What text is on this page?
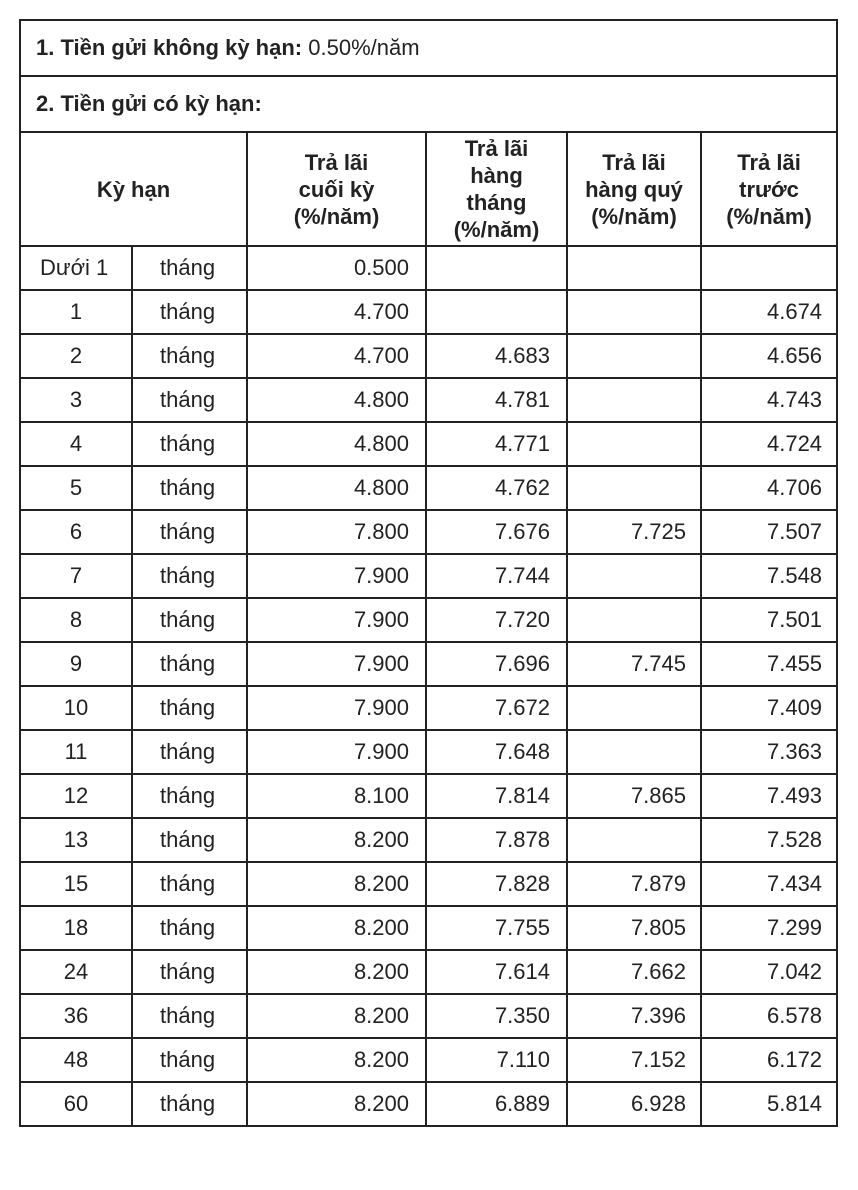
1. Tiền gửi không kỳ hạn: 0.50%/năm					
2. Tiền gửi có kỳ hạn:					
Kỳ hạn		Trả lãi
cuối kỳ
(%/năm)	Trả lãi
hàng
tháng
(%/năm)	Trả lãi
hàng quý
(%/năm)	Trả lãi
trước
(%/năm)

Dưới 1	tháng	0.500			
1	tháng	4.700			4.674
2	tháng	4.700	4.683		4.656
3	tháng	4.800	4.781		4.743
4	tháng	4.800	4.771		4.724
5	tháng	4.800	4.762		4.706
6	tháng	7.800	7.676	7.725	7.507
7	tháng	7.900	7.744		7.548
8	tháng	7.900	7.720		7.501
9	tháng	7.900	7.696	7.745	7.455
10	tháng	7.900	7.672		7.409
11	tháng	7.900	7.648		7.363
12	tháng	8.100	7.814	7.865	7.493
13	tháng	8.200	7.878		7.528
15	tháng	8.200	7.828	7.879	7.434
18	tháng	8.200	7.755	7.805	7.299
24	tháng	8.200	7.614	7.662	7.042
36	tháng	8.200	7.350	7.396	6.578
48	tháng	8.200	7.110	7.152	6.172
60	tháng	8.200	6.889	6.928	5.814
